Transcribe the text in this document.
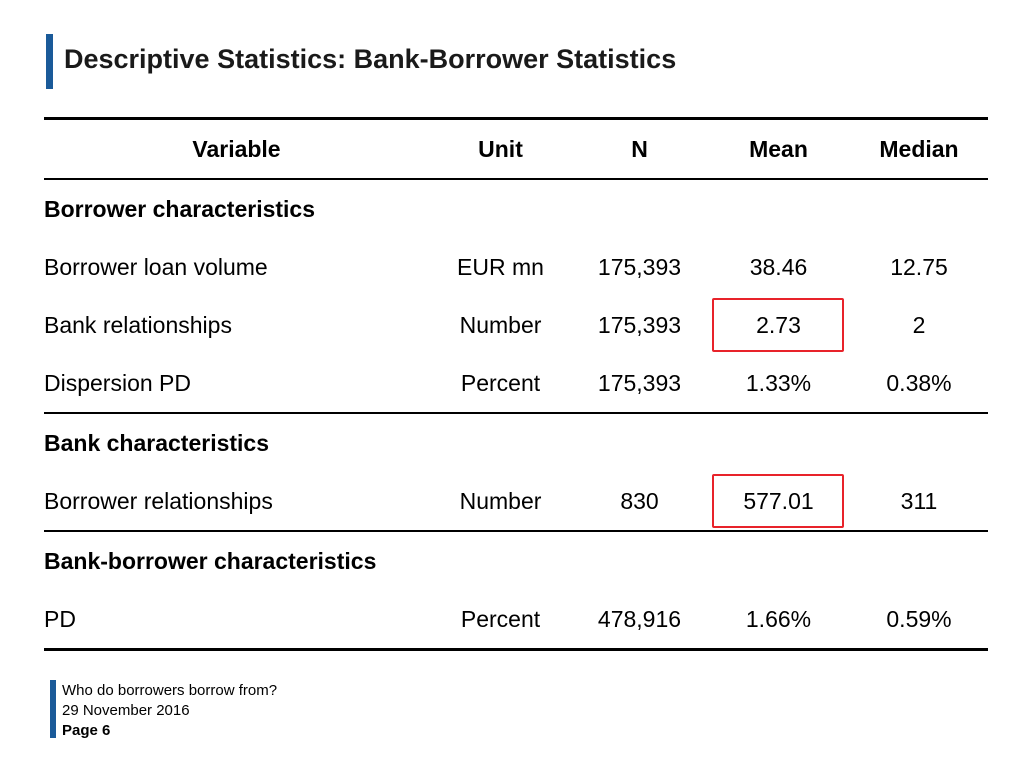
Descriptive Statistics: Bank-Borrower Statistics
Variable	Unit	N	Mean	Median
Borrower characteristics				
Borrower loan volume	EUR mn	175,393	38.46	12.75
Bank relationships	Number	175,393	2.73	2
Dispersion PD	Percent	175,393	1.33%	0.38%
Bank characteristics				
Borrower relationships	Number	830	577.01	311
Bank-borrower characteristics				
PD	Percent	478,916	1.66%	0.59%
Who do borrowers borrow from?
29 November 2016
Page 6
